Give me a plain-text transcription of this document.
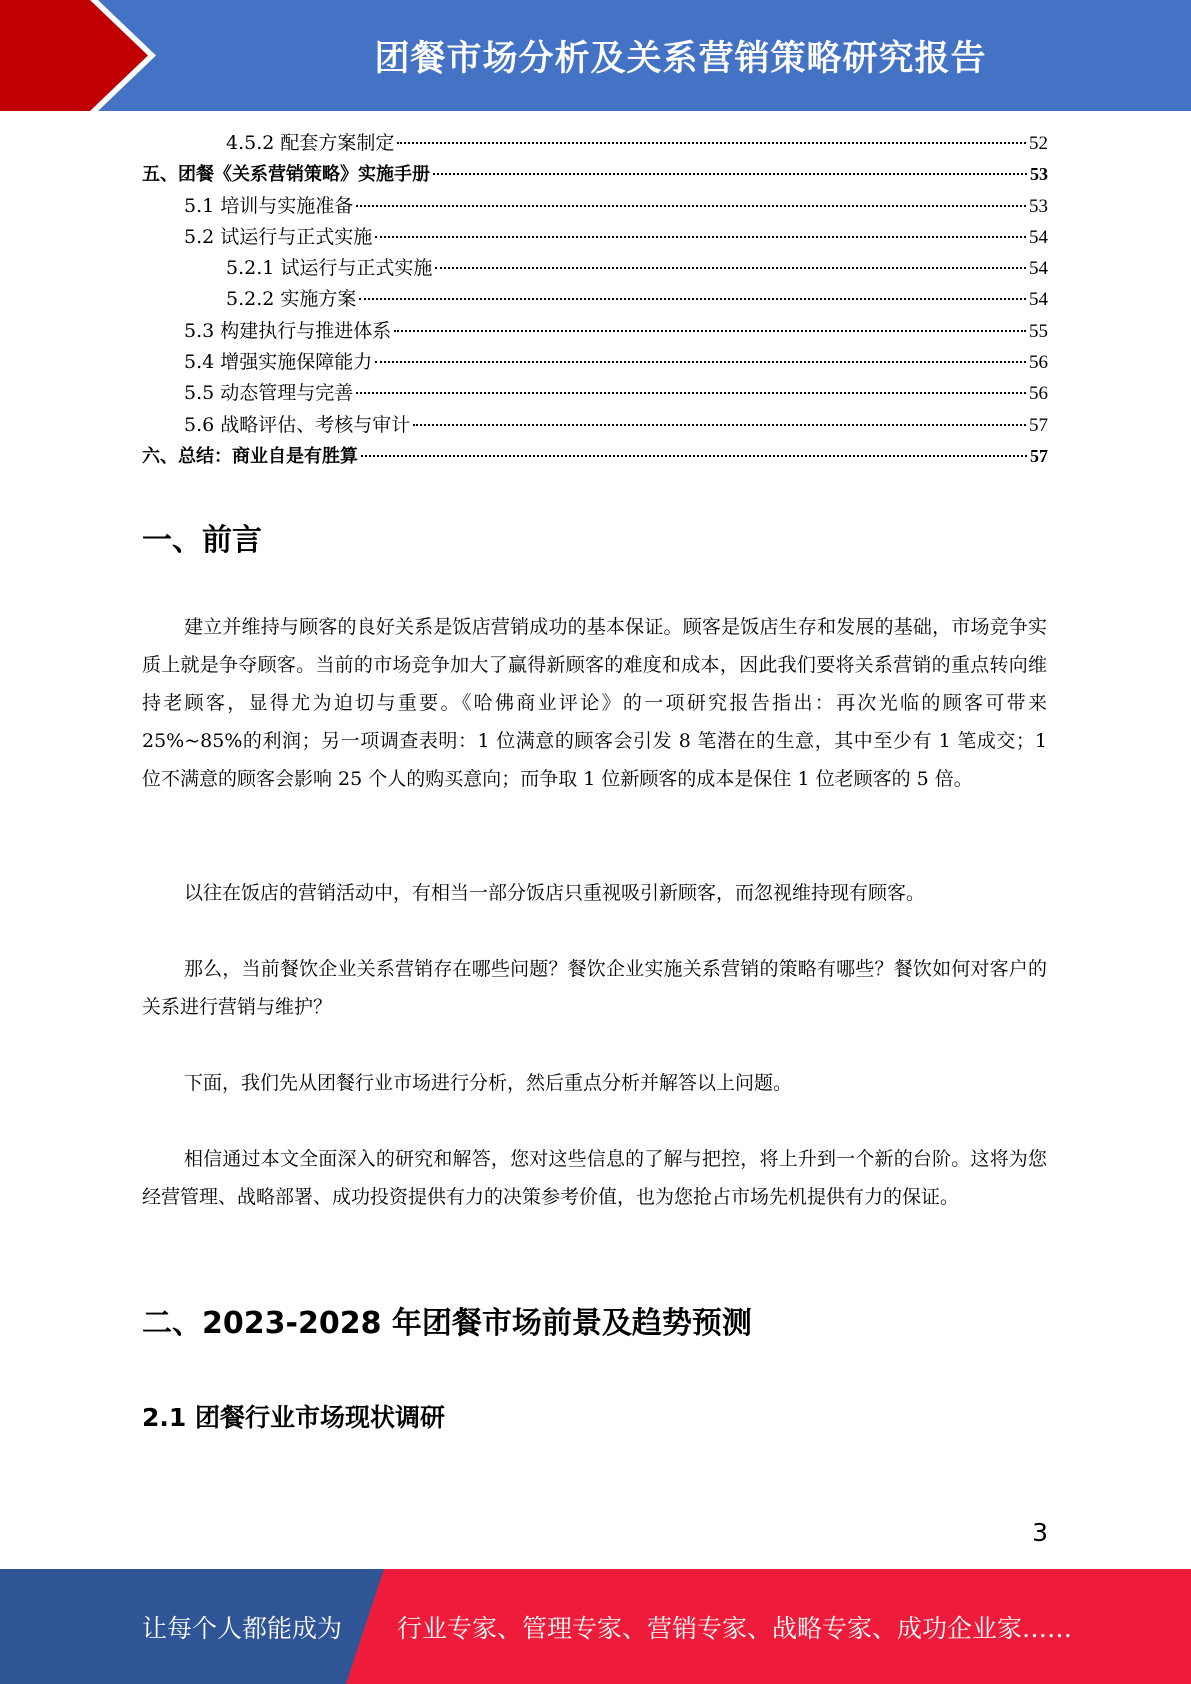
团餐市场分析及关系营销策略研究报告
4.5.2 配套方案制定	52
五、团餐《关系营销策略》实施手册	53
5.1 培训与实施准备	53
5.2 试运行与正式实施	54
5.2.1 试运行与正式实施	54
5.2.2 实施方案	54
5.3 构建执行与推进体系	55
5.4 增强实施保障能力	56
5.5 动态管理与完善	56
5.6 战略评估、考核与审计	57
六、总结：商业自是有胜算	57
一、前言

建立并维持与顾客的良好关系是饭店营销成功的基本保证。顾客是饭店生存和发展的基础，市场竞争实质上就是争夺顾客。当前的市场竞争加大了赢得新顾客的难度和成本，因此我们要将关系营销的重点转向维持老顾客，显得尤为迫切与重要。《哈佛商业评论》的一项研究报告指出：再次光临的顾客可带来 25%~85%的利润；另一项调查表明：1 位满意的顾客会引发 8 笔潜在的生意，其中至少有 1 笔成交；1 位不满意的顾客会影响 25 个人的购买意向；而争取 1 位新顾客的成本是保住 1 位老顾客的 5 倍。

以往在饭店的营销活动中，有相当一部分饭店只重视吸引新顾客，而忽视维持现有顾客。

那么，当前餐饮企业关系营销存在哪些问题？餐饮企业实施关系营销的策略有哪些？餐饮如何对客户的关系进行营销与维护？

下面，我们先从团餐行业市场进行分析，然后重点分析并解答以上问题。

相信通过本文全面深入的研究和解答，您对这些信息的了解与把控，将上升到一个新的台阶。这将为您经营管理、战略部署、成功投资提供有力的决策参考价值，也为您抢占市场先机提供有力的保证。

二、2023-2028 年团餐市场前景及趋势预测
2.1 团餐行业市场现状调研
3
让每个人都能成为 行业专家、管理专家、营销专家、战略专家、成功企业家……
